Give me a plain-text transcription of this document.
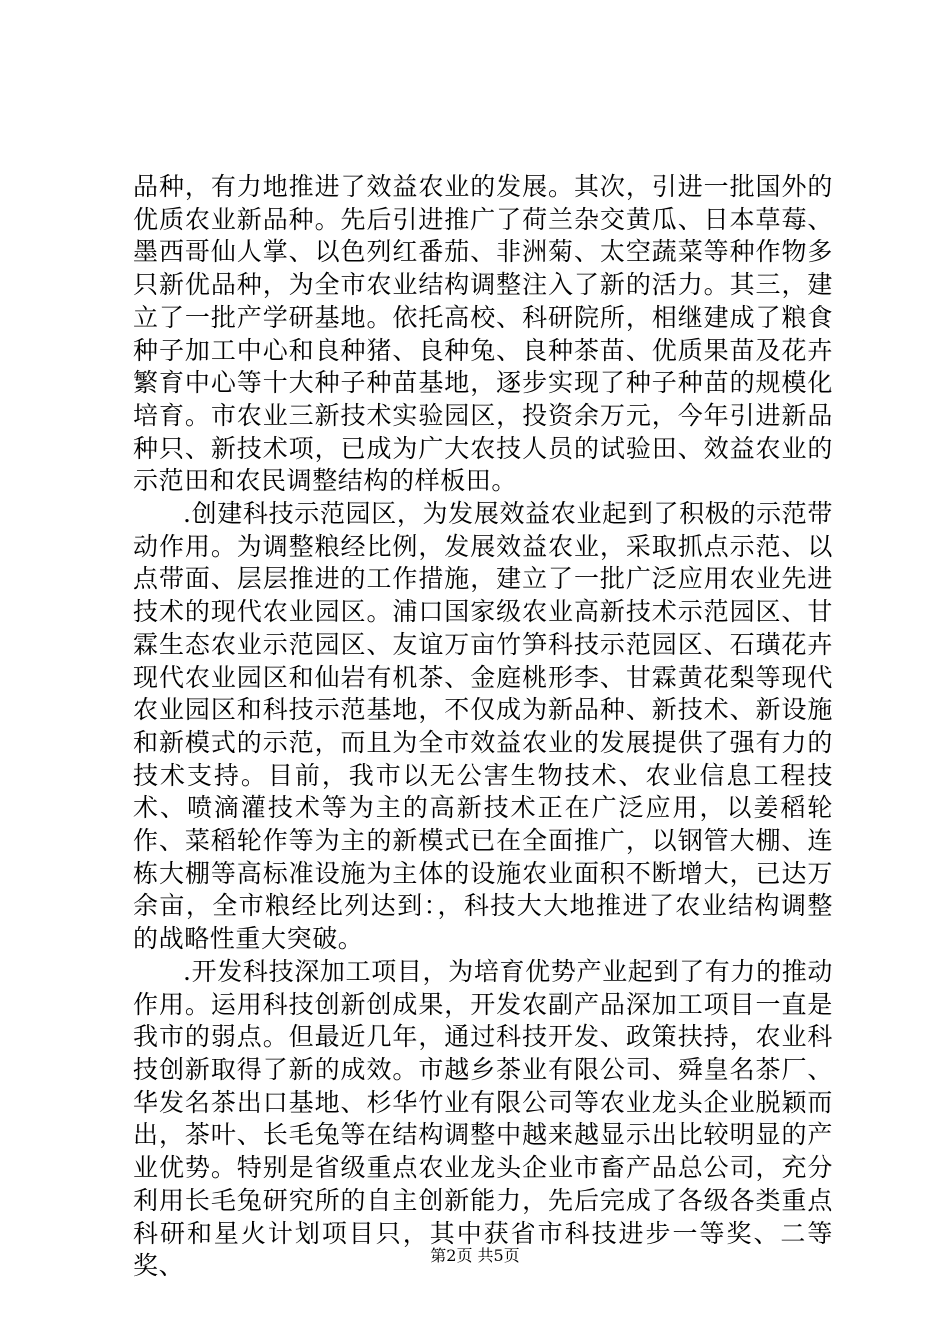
品种，有力地推进了效益农业的发展。其次，引进一批国外的优质农业新品种。先后引进推广了荷兰杂交黄瓜、日本草莓、墨西哥仙人掌、以色列红番茄、非洲菊、太空蔬菜等种作物多只新优品种，为全市农业结构调整注入了新的活力。其三，建立了一批产学研基地。依托高校、科研院所，相继建成了粮食种子加工中心和良种猪、良种兔、良种茶苗、优质果苗及花卉繁育中心等十大种子种苗基地，逐步实现了种子种苗的规模化培育。市农业三新技术实验园区，投资余万元，今年引进新品种只、新技术项，已成为广大农技人员的试验田、效益农业的示范田和农民调整结构的样板田。

.创建科技示范园区，为发展效益农业起到了积极的示范带动作用。为调整粮经比例，发展效益农业，采取抓点示范、以点带面、层层推进的工作措施，建立了一批广泛应用农业先进技术的现代农业园区。浦口国家级农业高新技术示范园区、甘霖生态农业示范园区、友谊万亩竹笋科技示范园区、石璜花卉现代农业园区和仙岩有机茶、金庭桃形李、甘霖黄花梨等现代农业园区和科技示范基地，不仅成为新品种、新技术、新设施和新模式的示范，而且为全市效益农业的发展提供了强有力的技术支持。目前，我市以无公害生物技术、农业信息工程技术、喷滴灌技术等为主的高新技术正在广泛应用，以姜稻轮作、菜稻轮作等为主的新模式已在全面推广，以钢管大棚、连栋大棚等高标准设施为主体的设施农业面积不断增大，已达万余亩，全市粮经比列达到：，科技大大地推进了农业结构调整的战略性重大突破。

.开发科技深加工项目，为培育优势产业起到了有力的推动作用。运用科技创新创成果，开发农副产品深加工项目一直是我市的弱点。但最近几年，通过科技开发、政策扶持，农业科技创新取得了新的成效。市越乡茶业有限公司、舜皇名茶厂、华发名茶出口基地、杉华竹业有限公司等农业龙头企业脱颖而出，茶叶、长毛兔等在结构调整中越来越显示出比较明显的产业优势。特别是省级重点农业龙头企业市畜产品总公司，充分利用长毛兔研究所的自主创新能力，先后完成了各级各类重点科研和星火计划项目只，其中获省市科技进步一等奖、二等奖、	第2页 共5页
